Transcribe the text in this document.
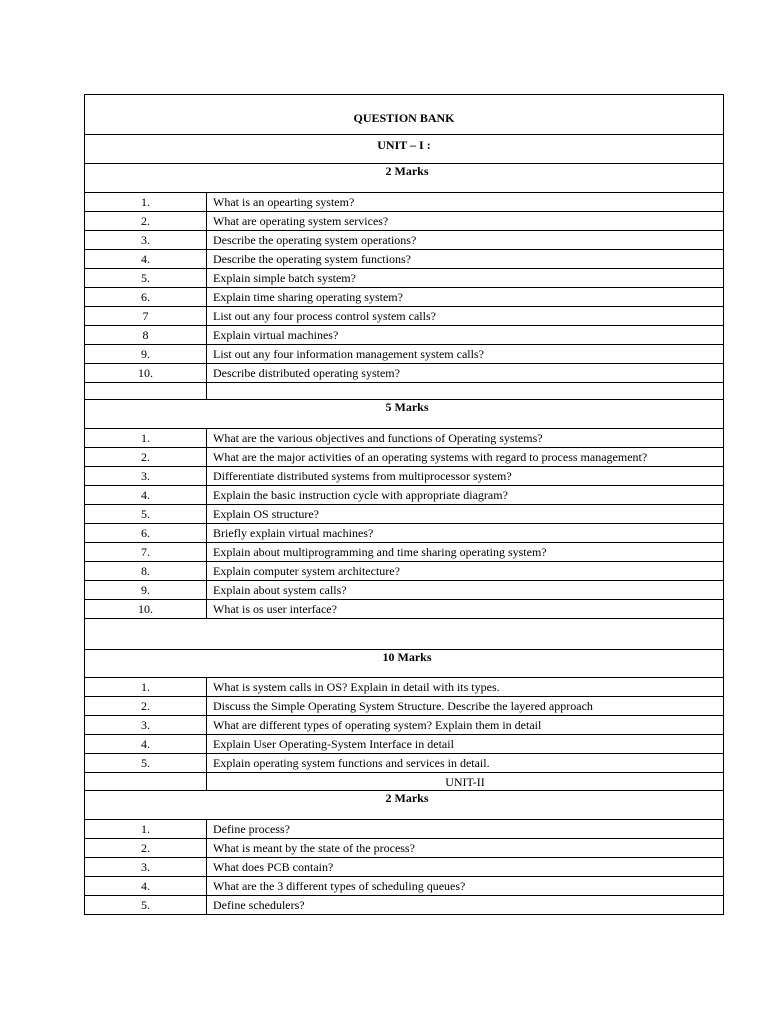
QUESTION BANK	
UNIT – I :	
2 Marks	
1.	What is an opearting system?
2.	What are operating system services?
3.	Describe the operating system operations?
4.	Describe the operating system functions?
5.	Explain simple batch system?
6.	Explain time sharing operating system?
7	List out any four process control system calls?
8	Explain virtual machines?
9.	List out any four information management system calls?
10.	Describe distributed operating system?

5 Marks	
1.	What are the various objectives and functions of Operating systems?
2.	What are the major activities of an operating systems with regard to process management?
3.	Differentiate distributed systems from multiprocessor system?
4.	Explain the basic instruction cycle with appropriate diagram?
5.	Explain OS structure?
6.	Briefly explain virtual machines?
7.	Explain about multiprogramming and time sharing operating system?
8.	Explain computer system architecture?
9.	Explain about system calls?
10.	What is os user interface?

10 Marks	
1.	What is system calls in OS? Explain in detail with its types.
2.	Discuss the Simple Operating System Structure. Describe the layered approach
3.	What are different types of operating system? Explain them in detail
4.	Explain User Operating-System Interface in detail
5.	Explain operating system functions and services in detail.
	UNIT-II
2 Marks	
1.	Define process?
2.	What is meant by the state of the process?
3.	What does PCB contain?
4.	What are the 3 different types of scheduling queues?
5.	Define schedulers?
